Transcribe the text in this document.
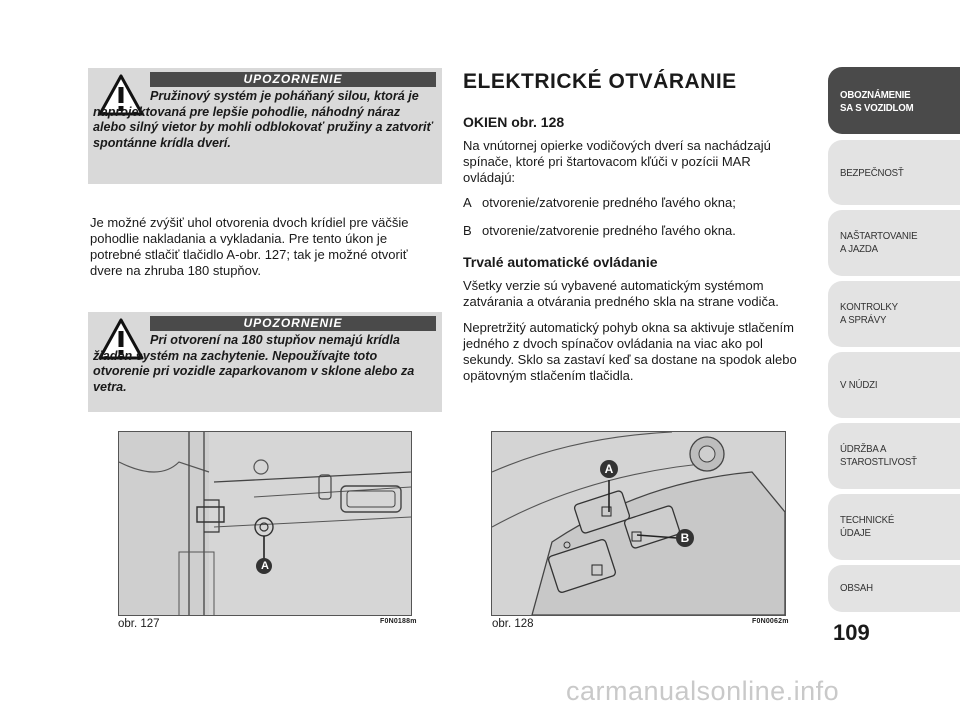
UPOZORNENIE
Pružinový systém je poháňaný silou, ktorá je naprojektovaná pre lepšie pohodlie, náhodný náraz alebo silný vietor by mohli odblokovať pružiny a zatvoriť spontánne krídla dverí.
Je možné zvýšiť uhol otvorenia dvoch krídiel pre väčšie pohodlie nakladania a vykladania. Pre tento úkon je potrebné stlačiť tlačidlo A-obr. 127; tak je možné otvoriť dvere na zhruba 180 stupňov.
UPOZORNENIE
Pri otvorení na 180 stupňov nemajú krídla žiaden systém na zachytenie. Nepoužívajte toto otvorenie pri vozidle zaparkovanom v sklone alebo za vetra.
ELEKTRICKÉ OTVÁRANIE
OKIEN obr. 128
Na vnútornej opierke vodičových dverí sa nachádzajú spínače, ktoré pri štartovacom kľúči v pozícii MAR ovládajú:
A otvorenie/zatvorenie predného ľavého okna;
B otvorenie/zatvorenie predného ľavého okna.
Trvalé automatické ovládanie
Všetky verzie sú vybavené automatickým systémom zatvárania a otvárania predného skla na strane vodiča.
Nepretržitý automatický pohyb okna sa aktivuje stlačením jedného z dvoch spínačov ovládania na viac ako pol sekundy. Sklo sa zastaví keď sa dostane na spodok alebo opätovným stlačením tlačidla.
A
obr. 127	F0N0188m
A
B
obr. 128	F0N0062m
OBOZNÁMENIE
SA S VOZIDLOM
BEZPEČNOSŤ
NAŠTARTOVANIE
A JAZDA
KONTROLKY
A SPRÁVY
V NÚDZI
ÚDRŽBA A
STAROSTLIVOSŤ
TECHNICKÉ
ÚDAJE
OBSAH
109
carmanualsonline.info
